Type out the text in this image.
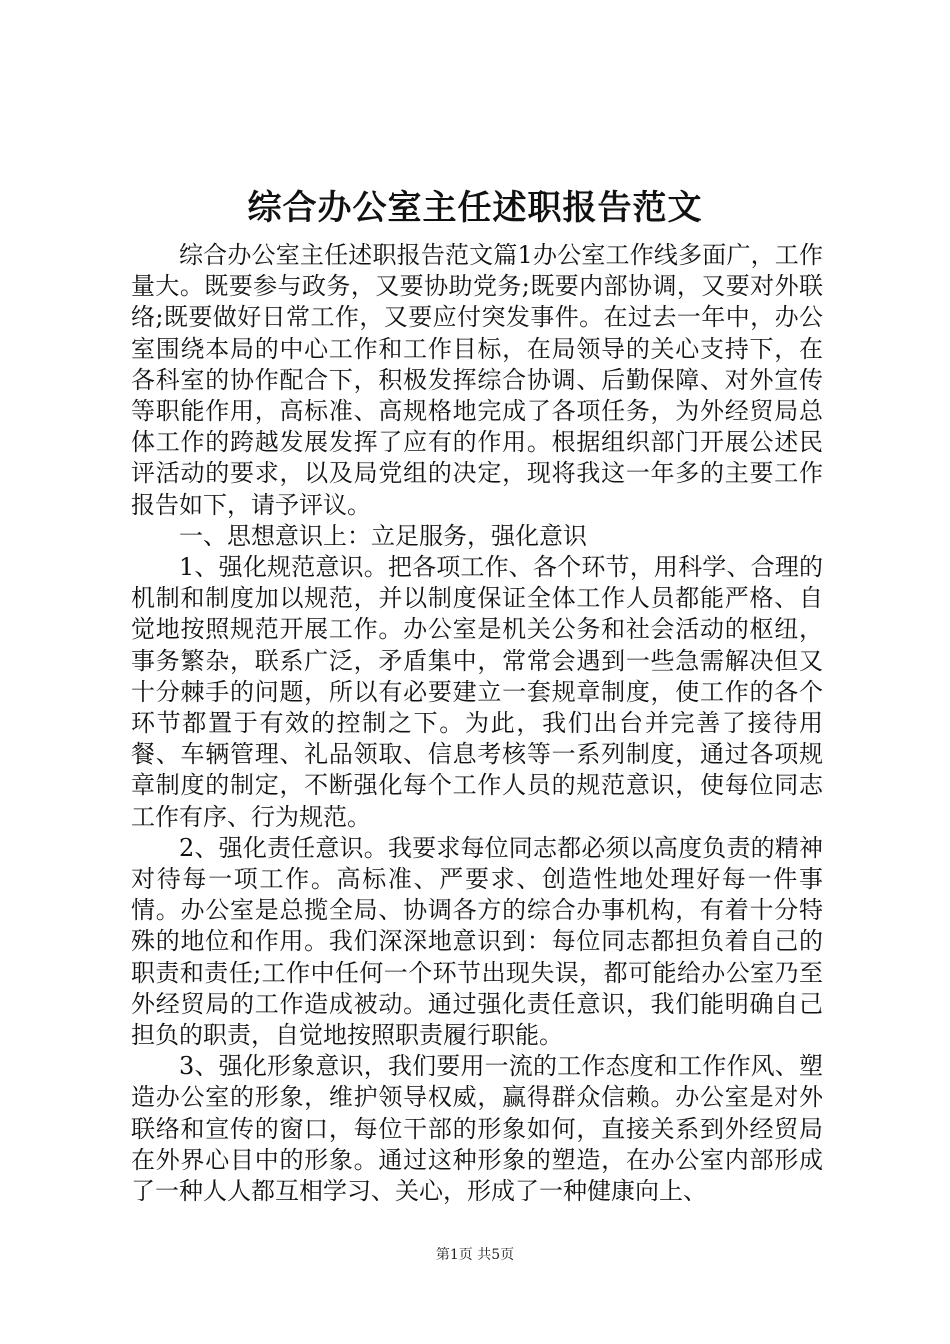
综合办公室主任述职报告范文

综合办公室主任述职报告范文篇1办公室工作线多面广，工作量大。既要参与政务，又要协助党务;既要内部协调，又要对外联络;既要做好日常工作，又要应付突发事件。在过去一年中，办公室围绕本局的中心工作和工作目标，在局领导的关心支持下，在各科室的协作配合下，积极发挥综合协调、后勤保障、对外宣传等职能作用，高标准、高规格地完成了各项任务，为外经贸局总体工作的跨越发展发挥了应有的作用。根据组织部门开展公述民评活动的要求，以及局党组的决定，现将我这一年多的主要工作报告如下，请予评议。

一、思想意识上：立足服务，强化意识

1、强化规范意识。把各项工作、各个环节，用科学、合理的机制和制度加以规范，并以制度保证全体工作人员都能严格、自觉地按照规范开展工作。办公室是机关公务和社会活动的枢纽，事务繁杂，联系广泛，矛盾集中，常常会遇到一些急需解决但又十分棘手的问题，所以有必要建立一套规章制度，使工作的各个环节都置于有效的控制之下。为此，我们出台并完善了接待用餐、车辆管理、礼品领取、信息考核等一系列制度，通过各项规章制度的制定，不断强化每个工作人员的规范意识，使每位同志工作有序、行为规范。

2、强化责任意识。我要求每位同志都必须以高度负责的精神对待每一项工作。高标准、严要求、创造性地处理好每一件事情。办公室是总揽全局、协调各方的综合办事机构，有着十分特殊的地位和作用。我们深深地意识到：每位同志都担负着自己的职责和责任;工作中任何一个环节出现失误，都可能给办公室乃至外经贸局的工作造成被动。通过强化责任意识，我们能明确自己担负的职责，自觉地按照职责履行职能。

3、强化形象意识，我们要用一流的工作态度和工作作风、塑造办公室的形象，维护领导权威，赢得群众信赖。办公室是对外联络和宣传的窗口，每位干部的形象如何，直接关系到外经贸局在外界心目中的形象。通过这种形象的塑造，在办公室内部形成了一种人人都互相学习、关心，形成了一种健康向上、

第1页 共5页
